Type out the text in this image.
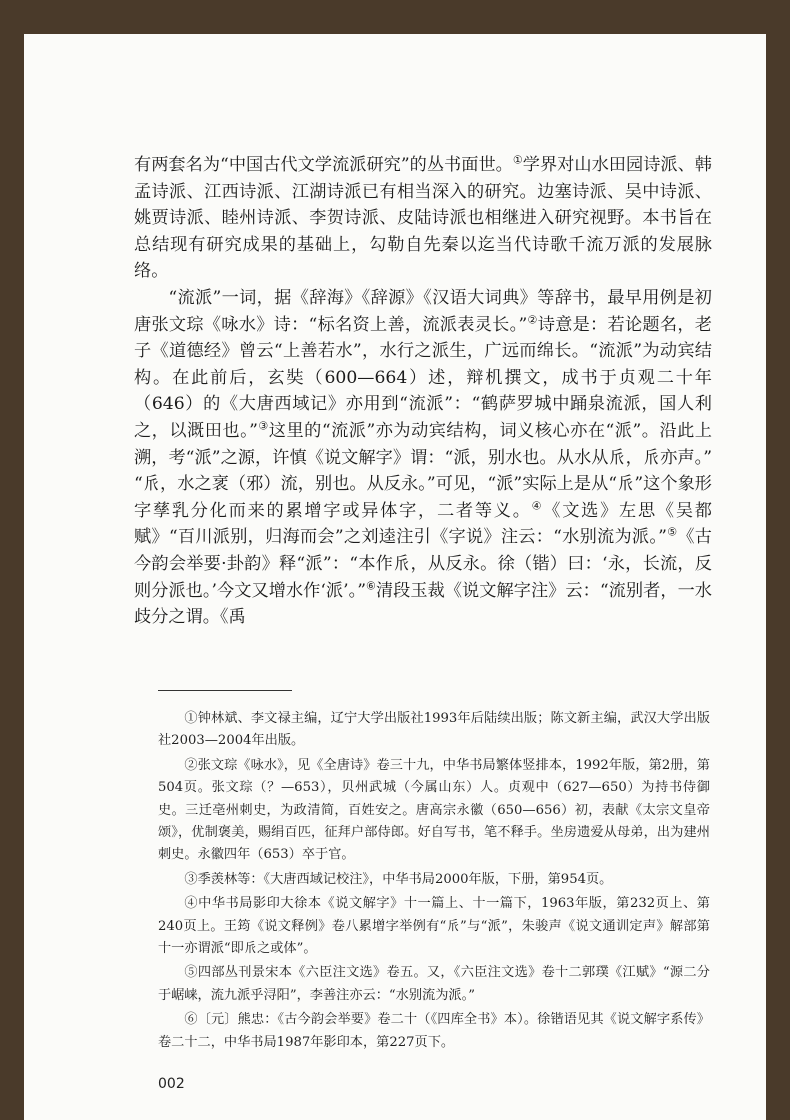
有两套名为“中国古代文学流派研究”的丛书面世。①学界对山水田园诗派、韩孟诗派、江西诗派、江湖诗派已有相当深入的研究。边塞诗派、吴中诗派、姚贾诗派、睦州诗派、李贺诗派、皮陆诗派也相继进入研究视野。本书旨在总结现有研究成果的基础上，勾勒自先秦以迄当代诗歌千流万派的发展脉络。

“流派”一词，据《辞海》《辞源》《汉语大词典》等辞书，最早用例是初唐张文琮《咏水》诗：“标名资上善，流派表灵长。”②诗意是：若论题名，老子《道德经》曾云“上善若水”，水行之派生，广远而绵长。“流派”为动宾结构。在此前后，玄奘（600—664）述，辩机撰文，成书于贞观二十年（646）的《大唐西域记》亦用到“流派”：“鹤萨罗城中踊泉流派，国人利之，以溉田也。”③这里的“流派”亦为动宾结构，词义核心亦在“派”。沿此上溯，考“派”之源，许慎《说文解字》谓：“派，别水也。从水从𠂢，𠂢亦声。” “𠂢，水之衺（邪）流，别也。从反永。”可见，“派”实际上是从“𠂢”这个象形字孳乳分化而来的累增字或异体字，二者等义。④《文选》左思《吴都赋》“百川派别，归海而会”之刘逵注引《字说》注云：“水别流为派。”⑤《古今韵会举要·卦韵》释“派”：“本作𠂢，从反永。徐（锴）曰：‘永，长流，反则分派也。’今文又增水作‘派’。”⑥清段玉裁《说文解字注》云：“流别者，一水歧分之谓。《禹

①钟林斌、李文禄主编，辽宁大学出版社1993年后陆续出版；陈文新主编，武汉大学出版社2003—2004年出版。

②张文琮《咏水》，见《全唐诗》卷三十九，中华书局繁体竖排本，1992年版，第2册，第504页。张文琮（？—653），贝州武城（今属山东）人。贞观中（627—650）为持书侍御史。三迁亳州刺史，为政清简，百姓安之。唐高宗永徽（650—656）初，表献《太宗文皇帝颂》，优制褒美，赐绢百匹，征拜户部侍郎。好自写书，笔不释手。坐房遗爱从母弟，出为建州刺史。永徽四年（653）卒于官。

③季羡林等：《大唐西域记校注》，中华书局2000年版，下册，第954页。

④中华书局影印大徐本《说文解字》十一篇上、十一篇下，1963年版，第232页上、第240页上。王筠《说文释例》卷八累增字举例有“𠂢”与“派”，朱骏声《说文通训定声》解部第十一亦谓派“即𠂢之或体”。

⑤四部丛刊景宋本《六臣注文选》卷五。又，《六臣注文选》卷十二郭璞《江赋》“源二分于崌崃，流九派乎浔阳”，李善注亦云：“水别流为派。”

⑥〔元〕熊忠：《古今韵会举要》卷二十（《四库全书》本）。徐锴语见其《说文解字系传》卷二十二，中华书局1987年影印本，第227页下。

002
